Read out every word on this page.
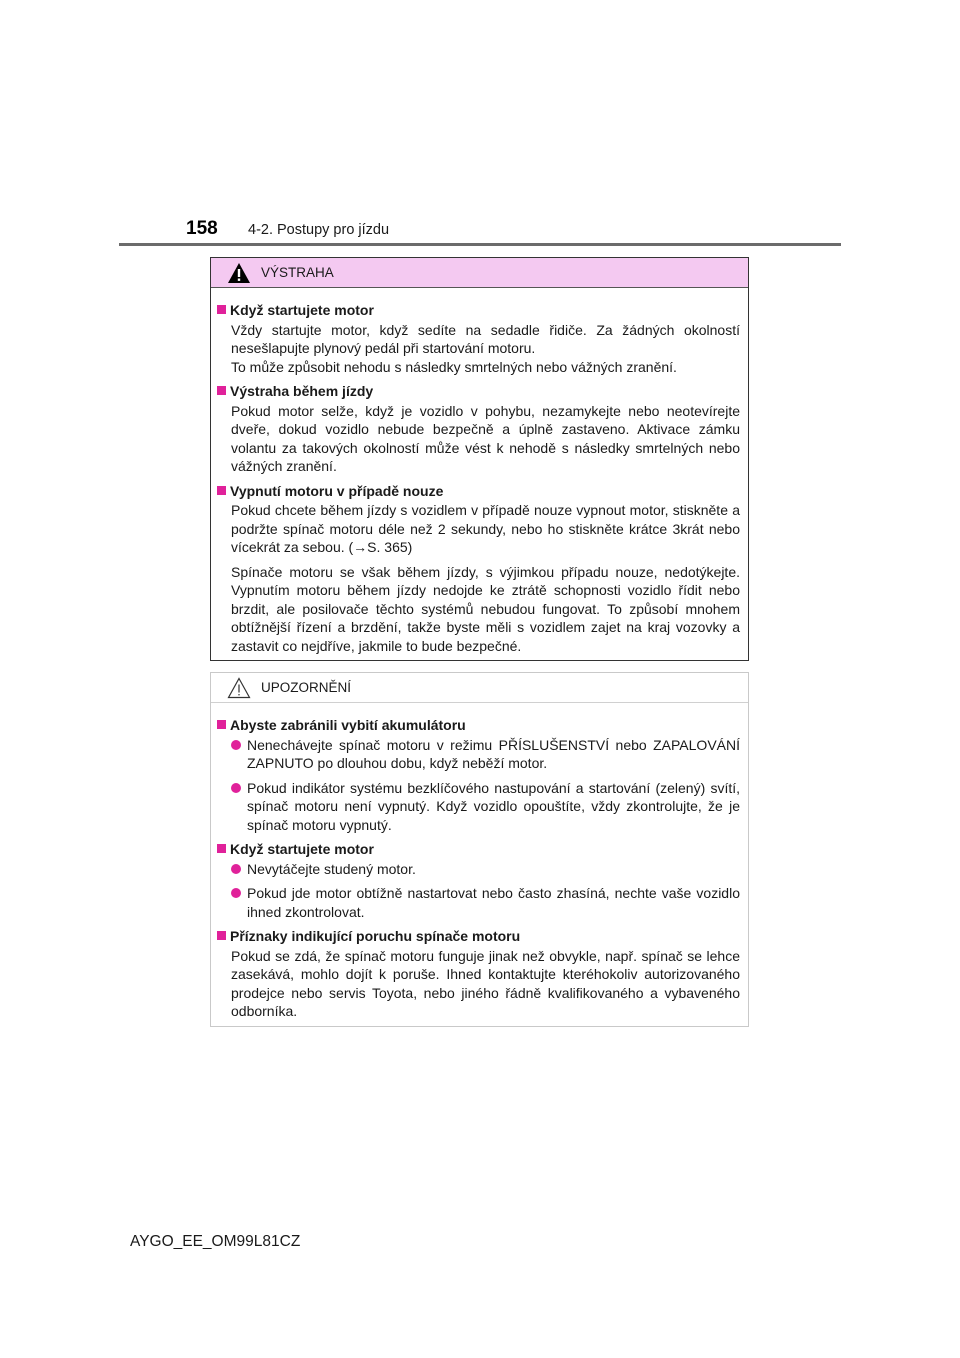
158 4-2. Postupy pro jízdu
VÝSTRAHA
Když startujete motor
Vždy startujte motor, když sedíte na sedadle řidiče. Za žádných okolností nesešlapujte plynový pedál při startování motoru.
To může způsobit nehodu s následky smrtelných nebo vážných zranění.
Výstraha během jízdy
Pokud motor selže, když je vozidlo v pohybu, nezamykejte nebo neotevírejte dveře, dokud vozidlo nebude bezpečně a úplně zastaveno. Aktivace zámku volantu za takových okolností může vést k nehodě s následky smrtelných nebo vážných zranění.
Vypnutí motoru v případě nouze
Pokud chcete během jízdy s vozidlem v případě nouze vypnout motor, stiskněte a podržte spínač motoru déle než 2 sekundy, nebo ho stiskněte krátce 3krát nebo vícekrát za sebou. (→S. 365)
Spínače motoru se však během jízdy, s výjimkou případu nouze, nedotýkejte. Vypnutím motoru během jízdy nedojde ke ztrátě schopnosti vozidlo řídit nebo brzdit, ale posilovače těchto systémů nebudou fungovat. To způsobí mnohem obtížnější řízení a brzdění, takže byste měli s vozidlem zajet na kraj vozovky a zastavit co nejdříve, jakmile to bude bezpečné.
UPOZORNĚNÍ
Abyste zabránili vybití akumulátoru
Nenechávejte spínač motoru v režimu PŘÍSLUŠENSTVÍ nebo ZAPALOVÁNÍ ZAPNUTO po dlouhou dobu, když neběží motor.
Pokud indikátor systému bezklíčového nastupování a startování (zelený) svítí, spínač motoru není vypnutý. Když vozidlo opouštíte, vždy zkontrolujte, že je spínač motoru vypnutý.
Když startujete motor
Nevytáčejte studený motor.
Pokud jde motor obtížně nastartovat nebo často zhasíná, nechte vaše vozidlo ihned zkontrolovat.
Příznaky indikující poruchu spínače motoru
Pokud se zdá, že spínač motoru funguje jinak než obvykle, např. spínač se lehce zasekává, mohlo dojít k poruše. Ihned kontaktujte kteréhokoliv autorizovaného prodejce nebo servis Toyota, nebo jiného řádně kvalifikovaného a vybaveného odborníka.
AYGO_EE_OM99L81CZ
